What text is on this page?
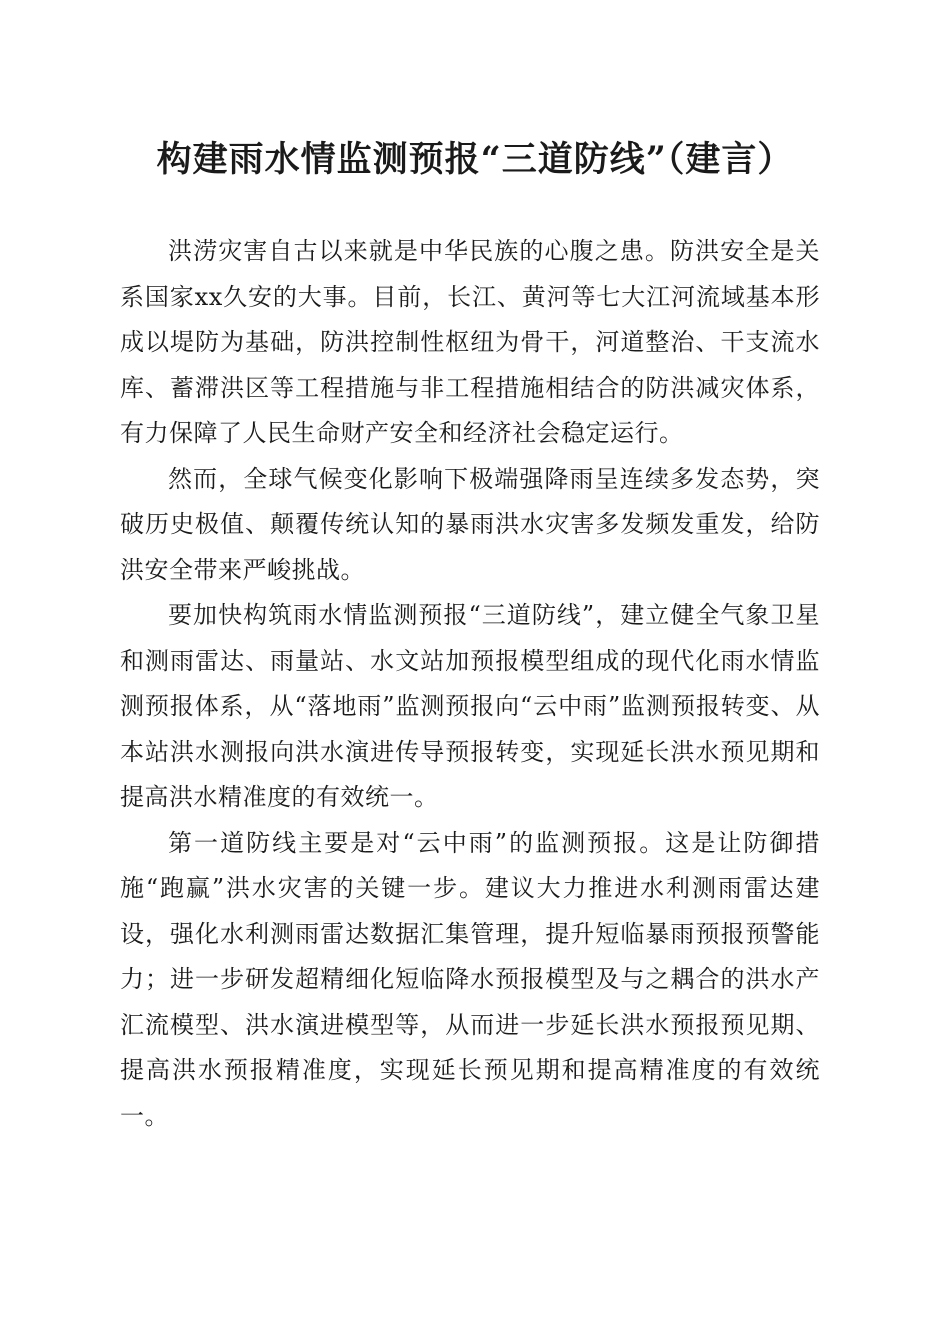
构建雨水情监测预报“三道防线”（建言）

洪涝灾害自古以来就是中华民族的心腹之患。防洪安全是关系国家xx久安的大事。目前，长江、黄河等七大江河流域基本形成以堤防为基础，防洪控制性枢纽为骨干，河道整治、干支流水库、蓄滞洪区等工程措施与非工程措施相结合的防洪减灾体系，有力保障了人民生命财产安全和经济社会稳定运行。

然而，全球气候变化影响下极端强降雨呈连续多发态势，突破历史极值、颠覆传统认知的暴雨洪水灾害多发频发重发，给防洪安全带来严峻挑战。

要加快构筑雨水情监测预报“三道防线”，建立健全气象卫星和测雨雷达、雨量站、水文站加预报模型组成的现代化雨水情监测预报体系，从“落地雨”监测预报向“云中雨”监测预报转变、从本站洪水测报向洪水演进传导预报转变，实现延长洪水预见期和提高洪水精准度的有效统一。

第一道防线主要是对“云中雨”的监测预报。这是让防御措施“跑赢”洪水灾害的关键一步。建议大力推进水利测雨雷达建设，强化水利测雨雷达数据汇集管理，提升短临暴雨预报预警能力；进一步研发超精细化短临降水预报模型及与之耦合的洪水产汇流模型、洪水演进模型等，从而进一步延长洪水预报预见期、提高洪水预报精准度，实现延长预见期和提高精准度的有效统一。
